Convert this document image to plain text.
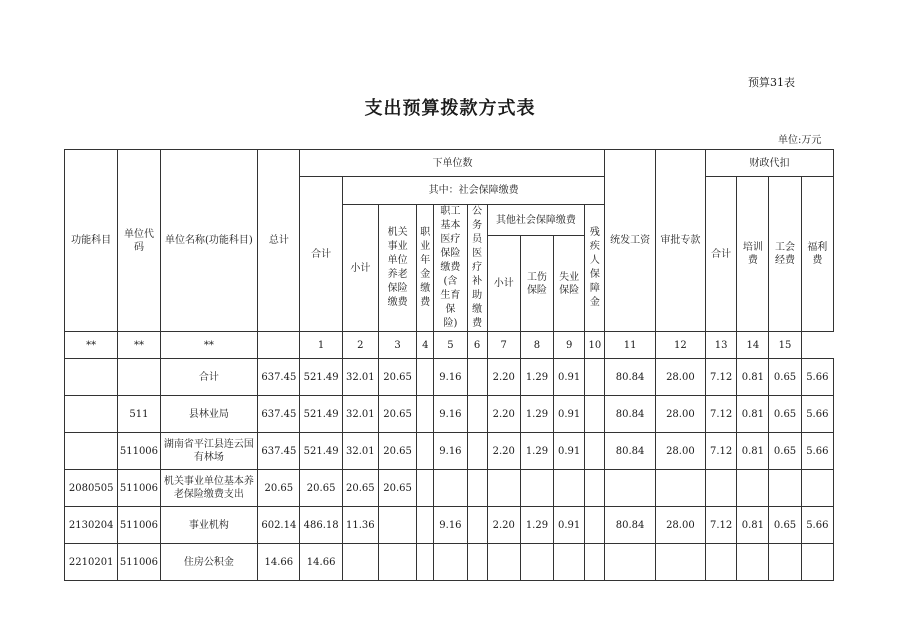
预算31表
支出预算拨款方式表
单位:万元
功能科目	单位代码	单位名称(功能科目)	总计	下单位数										统发工资	审批专款	财政代扣			
				合计	其中：社会保障缴费											合计	培训费	工会经费	福利费
					小计	机关事业单位养老保险缴费	职业年金缴费	职工基本医疗保险缴费(含生育保险)	公务员医疗补助缴费	其他社会保障缴费			残疾人保障金						
										小计	工伤保险	失业保险							
**	**	**		1	2	3	4	5	6	7	8	9	10	11	12	13	14	15	
		合计	637.45	521.49	32.01	20.65		9.16		2.20	1.29	0.91		80.84	28.00	7.12	0.81	0.65	5.66
	511	县林业局	637.45	521.49	32.01	20.65		9.16		2.20	1.29	0.91		80.84	28.00	7.12	0.81	0.65	5.66
	511006	湖南省平江县连云国有林场	637.45	521.49	32.01	20.65		9.16		2.20	1.29	0.91		80.84	28.00	7.12	0.81	0.65	5.66
2080505	511006	机关事业单位基本养老保险缴费支出	20.65	20.65	20.65	20.65													
2130204	511006	事业机构	602.14	486.18	11.36			9.16		2.20	1.29	0.91		80.84	28.00	7.12	0.81	0.65	5.66
2210201	511006	住房公积金	14.66	14.66															
